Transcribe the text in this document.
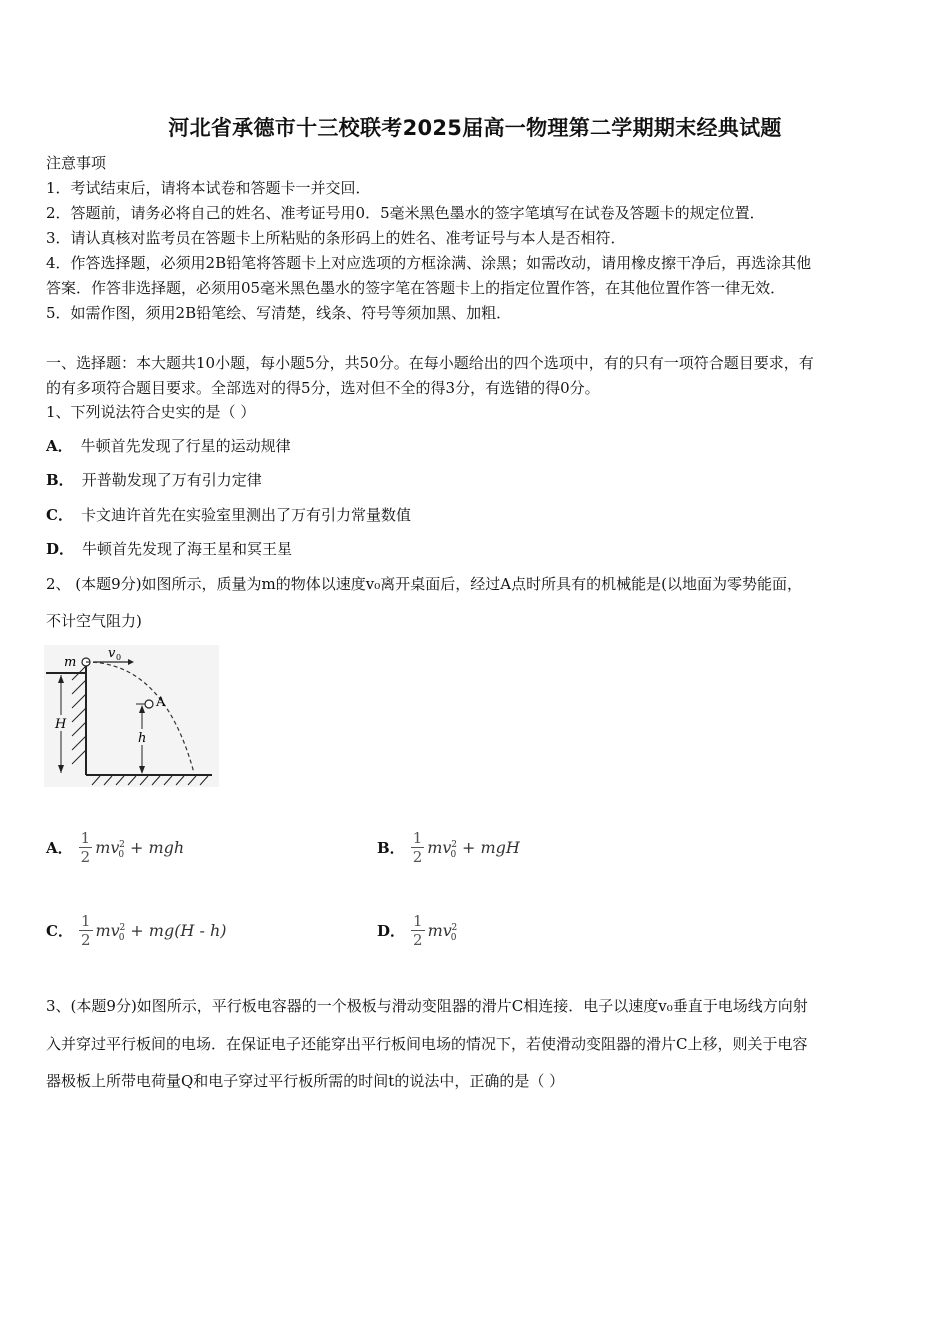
河北省承德市十三校联考2025届高一物理第二学期期末经典试题
注意事项
1．考试结束后，请将本试卷和答题卡一并交回．
2．答题前，请务必将自己的姓名、准考证号用0．5毫米黑色墨水的签字笔填写在试卷及答题卡的规定位置．
3．请认真核对监考员在答题卡上所粘贴的条形码上的姓名、准考证号与本人是否相符．
4．作答选择题，必须用2B铅笔将答题卡上对应选项的方框涂满、涂黑；如需改动，请用橡皮擦干净后，再选涂其他
答案．作答非选择题，必须用05毫米黑色墨水的签字笔在答题卡上的指定位置作答，在其他位置作答一律无效．
5．如需作图，须用2B铅笔绘、写清楚，线条、符号等须加黑、加粗．
一、选择题：本大题共10小题，每小题5分，共50分。在每小题给出的四个选项中，有的只有一项符合题目要求，有
的有多项符合题目要求。全部选对的得5分，选对但不全的得3分，有选错的得0分。
1、下列说法符合史实的是（ ）
A． 牛顿首先发现了行星的运动规律
B． 开普勒发现了万有引力定律
C． 卡文迪许首先在实验室里测出了万有引力常量数值
D． 牛顿首先发现了海王星和冥王星
2、 (本题9分)如图所示，质量为m的物体以速度v₀离开桌面后，经过A点时所具有的机械能是(以地面为零势能面，
不计空气阻力)
m
v 0
A
H
h
A． $\frac{1}{2} mv_0^2$ + mgh	B． $\frac{1}{2} mv_0^2$ + mgH
C． $\frac{1}{2} mv_0^2 + mg(H - h)$	D． $\frac{1}{2} mv_0^2$
3、(本题9分)如图所示，平行板电容器的一个极板与滑动变阻器的滑片C相连接．电子以速度v₀垂直于电场线方向射
入并穿过平行板间的电场．在保证电子还能穿出平行板间电场的情况下，若使滑动变阻器的滑片C上移，则关于电容
器极板上所带电荷量Q和电子穿过平行板所需的时间t的说法中，正确的是（ ）
